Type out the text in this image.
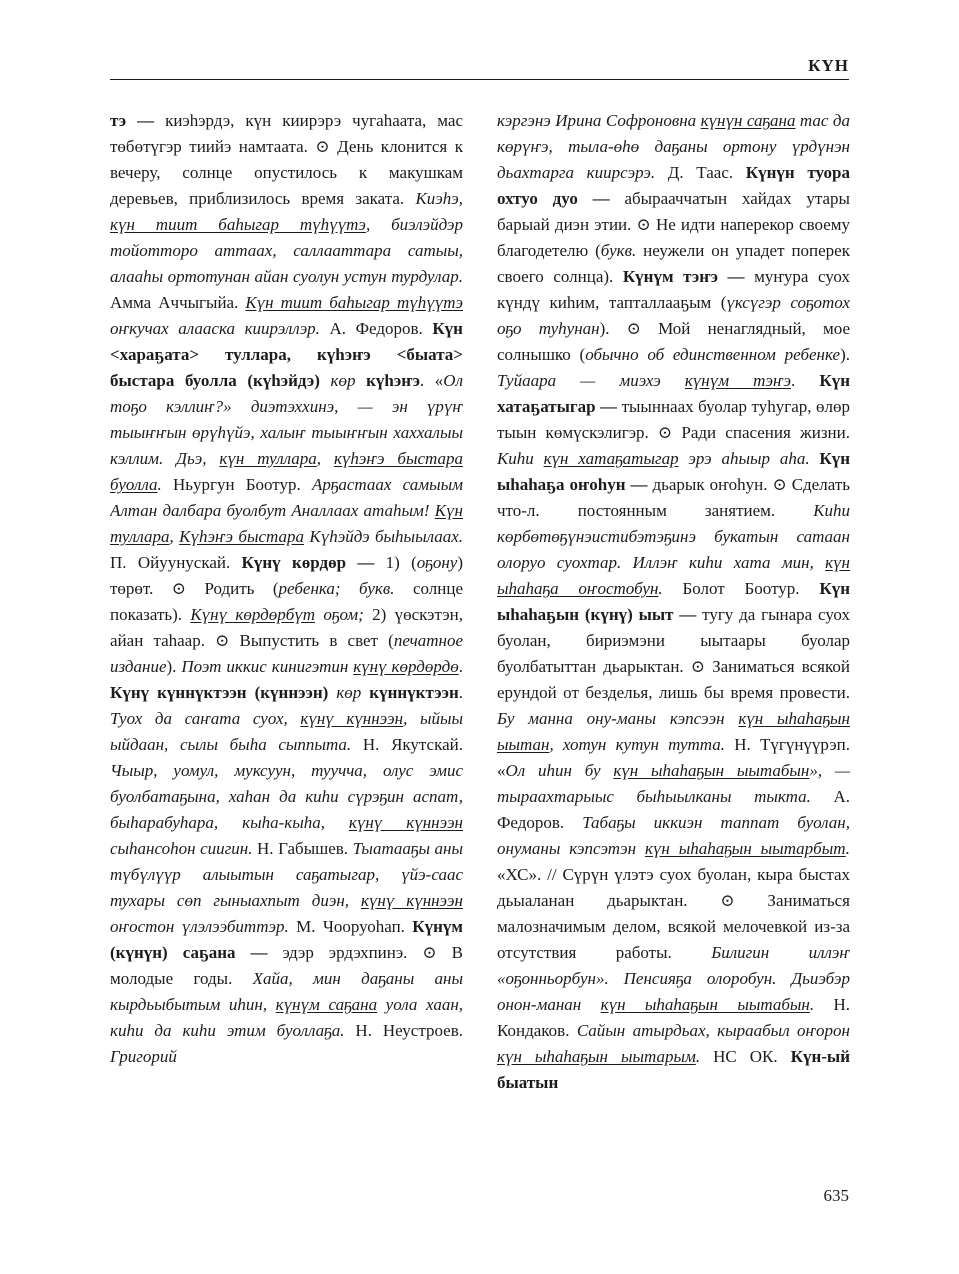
КҮН

тэ — киэһэрдэ, күн киирэрэ чугаһаата, мас төбөтүгэр тиийэ намтаата. ⊙ День клонится к вечеру, солнце опустилось к макушкам деревьев, приблизилось время заката. Киэһэ, күн тиит баһыгар түһүүтэ, биэлэйдэр тойотторо аттаах, саллааттара сатыы, алааһы ортотунан айан суолун устун турдулар. Амма Аччыгыйа. Күн тиит баһыгар түһүүтэ оҥкучах алааска киирэллэр. А. Федоров. Күн <хараҕата> туллара, күһэҥэ <быата> быстара буолла (күһэйдэ) көр күһэҥэ. «Ол тоҕо кэллиҥ?» диэтэххинэ, — эн үрүҥ тыыҥҥын өрүһүйэ, халыҥ тыыҥҥын хаххалыы кэллим. Дьэ, күн туллара, күһэҥэ быстара буолла. Ньургун Боотур. Арҕастаах самыым Алтан далбара буолбут Аналлаах атаһым! Күн туллара, Күһэҥэ быстара Күһэйдэ быһыылаах. П. Ойуунускай. Күнү көрдөр — 1) (оҕону) төрөт. ⊙ Родить (ребенка; букв. солнце показать). Күнү көрдөрбүт оҕом; 2) үөскэтэн, айан таһаар. ⊙ Выпустить в свет (печатное издание). Поэт иккис кинигэтин күнү көрдөрдө. Күнү күннүктээн (күннээн) көр күннүктээн. Туох да саҥата суох, күнү күннээн, ыйыы ыйдаан, сылы быһа сыппыта. Н. Якутскай. Чыыр, уомул, муксуун, туучча, олус эмис буолбатаҕына, хаһан да киһи сүрэҕин аспат, быһарабуһара, кыһа-кыһа, күнү күннээн сыһансоһон сиигин. Н. Габышев. Тыатааҕы аны түбүлүүр алыытын саҕатыгар, үйэ-саас тухары сөп гыныахпыт диэн, күнү күннээн оҥостон үлэлээбиттэр. М. Чооруоһап. Күнүм (күнүн) саҕана — эдэр эрдэхпинэ. ⊙ В молодые годы. Хайа, мин даҕаны аны кырдьыбытым иһин, күнүм саҕана уола хаан, киһи да киһи этим буоллаҕа. Н. Неустроев. Григорий

кэргэнэ Ирина Софроновна күнүн саҕана тас да көрүҥэ, тыла-өһө даҕаны ортону үрдүнэн дьахтарга киирсэрэ. Д. Таас. Күнүн туора охтуо дуо — абырааччатын хайдах утары барыай диэн этии. ⊙ Не идти наперекор своему благодетелю (букв. неужели он упадет поперек своего солнца). Күнүм тэҥэ — муҥура суох күндү киһим, тапталлааҕым (үксүгэр соҕотох оҕо туһунан). ⊙ Мой ненаглядный, мое солнышко (обычно об единственном ребенке). Туйаара — миэхэ күнүм тэҥэ. Күн хатаҕатыгар — тыыннаах буолар туһугар, өлөр тыын көмүскэлигэр. ⊙ Ради спасения жизни. Киһи күн хатаҕатыгар эрэ аһыыр аһа. Күн ыһаһаҕа оҥоһун — дьарык оҥоһун. ⊙ Сделать что-л. постоянным занятием. Киһи көрбөтөҕүнэистибэтэҕинэ букатын сатаан олоруо суохтар. Иллэҥ киһи хата мин, күн ыһаһаҕа оҥостобун. Болот Боотур. Күн ыһаһаҕын (күнү) ыыт — тугу да гынара суох буолан, бириэмэни ыытаары буолар буолбатыттан дьарыктан. ⊙ Заниматься всякой ерундой от безделья, лишь бы время провести. Бу манна ону-маны кэпсээн күн ыһаһаҕын ыытан, хотун кутун тутта. Н. Түгүнүүрэп. «Ол иһин бу күн ыһаһаҕын ыытабын», — тыраахтарыыс быһыылканы тыкта. А. Федоров. Табаҕы иккиэн таппат буолан, онуманы кэпсэтэн күн ыһаһаҕын ыытарбыт. «ХС». // Сүрүн үлэтэ суох буолан, кыра быстах дьыаланан дьарыктан. ⊙ Заниматься малозначимым делом, всякой мелочевкой из-за отсутствия работы. Билигин иллэҥ «оҕонньорбун». Пенсияҕа олоробун. Дьиэбэр онон-манан күн ыһаһаҕын ыытабын. Н. Кондаков. Сайын атырдьах, кыраабыл оҥорон күн ыһаһаҕын ыытарым. НС ОК. Күн-ый быатын

635
